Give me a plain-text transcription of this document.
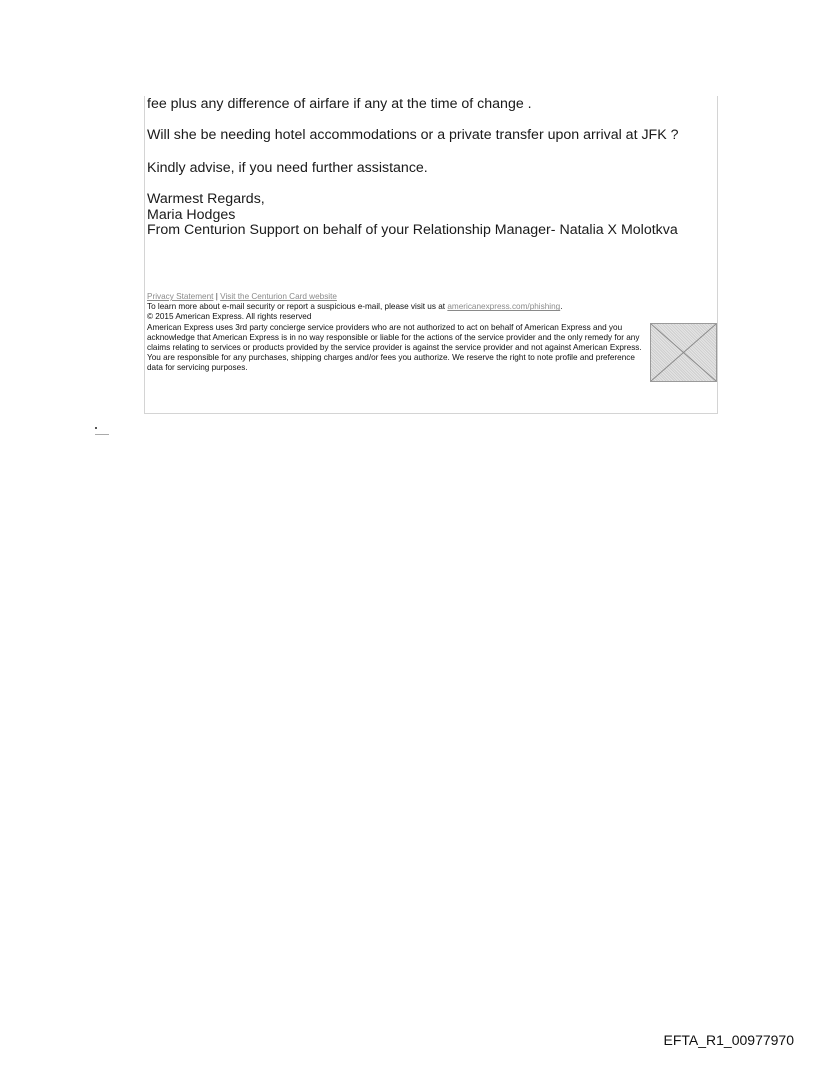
fee plus any difference of airfare if any at the time of change .

Will she be needing hotel accommodations or a private transfer upon arrival at JFK ?

Kindly advise, if you need further assistance.

Warmest Regards,
Maria Hodges
From Centurion Support on behalf of your Relationship Manager- Natalia X Molotkva
Privacy Statement | Visit the Centurion Card website
To learn more about e-mail security or report a suspicious e-mail, please visit us at americanexpress.com/phishing.
© 2015 American Express. All rights reserved
American Express uses 3rd party concierge service providers who are not authorized to act on behalf of American Express and you acknowledge that American Express is in no way responsible or liable for the actions of the service provider and the only remedy for any claims relating to services or products provided by the service provider is against the service provider and not against American Express. You are responsible for any purchases, shipping charges and/or fees you authorize. We reserve the right to note profile and preference data for servicing purposes.
EFTA_R1_00977970
